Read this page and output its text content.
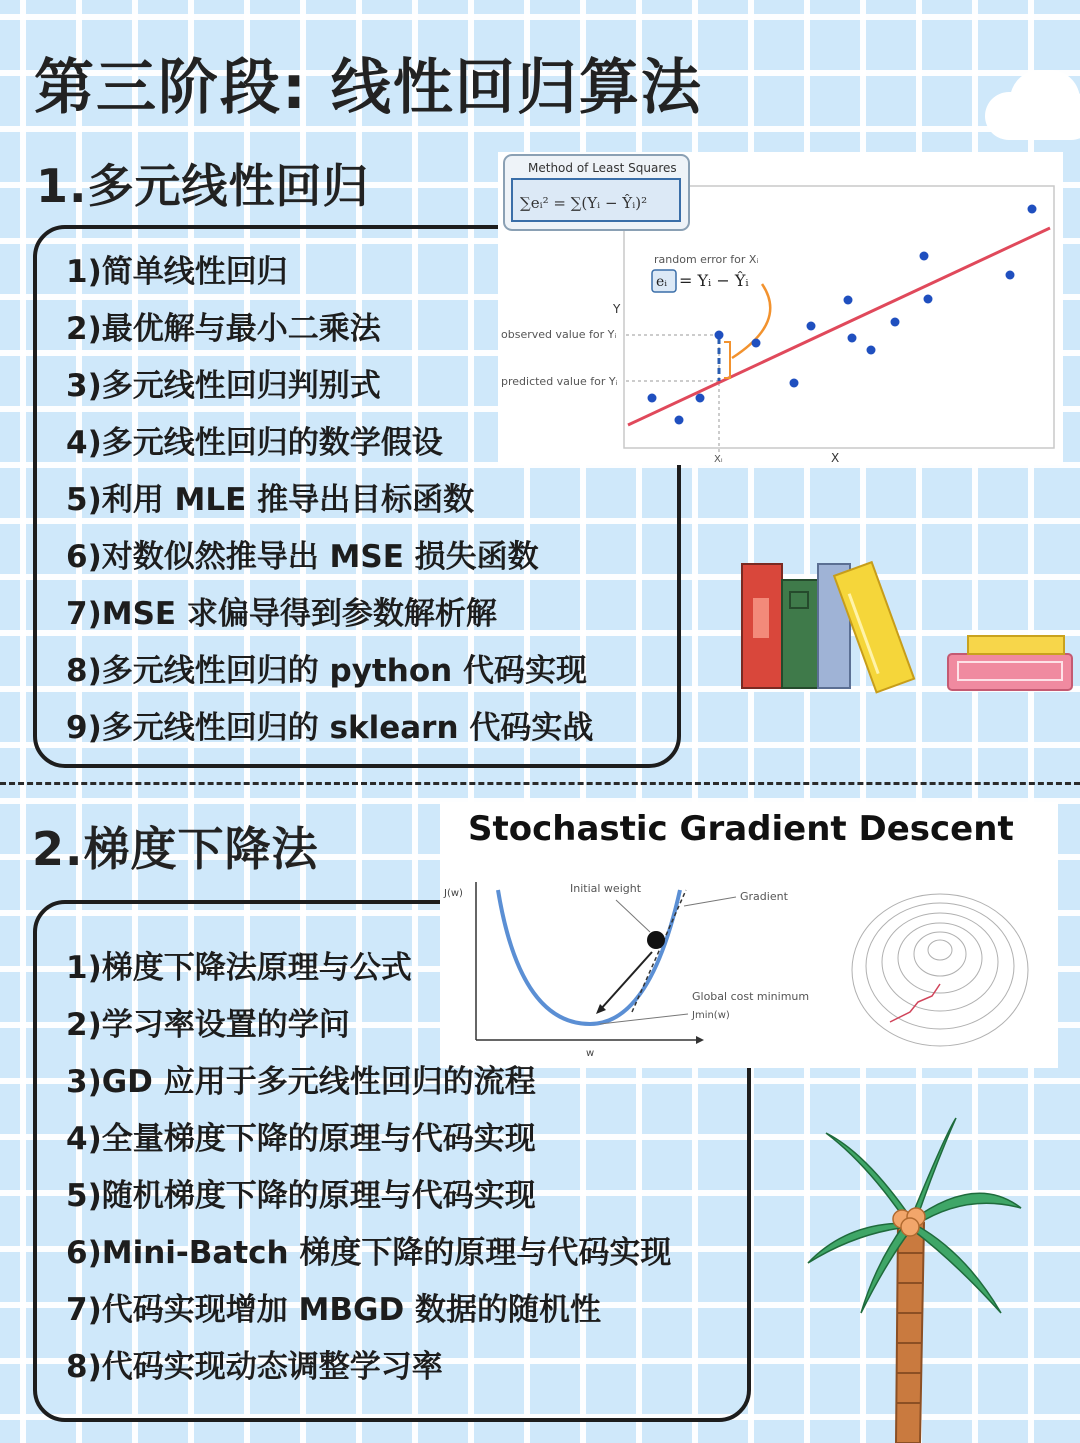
第三阶段: 线性回归算法
1.多元线性回归
1)简单线性回归
2)最优解与最小二乘法
3)多元线性回归判别式
4)多元线性回归的数学假设
5)利用 MLE 推导出目标函数
6)对数似然推导出 MSE 损失函数
7)MSE 求偏导得到参数解析解
8)多元线性回归的 python 代码实现
9)多元线性回归的 sklearn 代码实战
Method of Least Squares
∑eᵢ² = ∑(Yᵢ − Ŷᵢ)²
random error for Xᵢ
eᵢ = Yᵢ − Ŷᵢ
Y
X
Xᵢ
observed value for Yᵢ
predicted value for Yᵢ
2.梯度下降法	Stochastic Gradient Descent
J(w)
w
Initial weight
Gradient
Global cost minimum
Jmin(w)
1)梯度下降法原理与公式
2)学习率设置的学问
3)GD 应用于多元线性回归的流程
4)全量梯度下降的原理与代码实现
5)随机梯度下降的原理与代码实现
6)Mini-Batch 梯度下降的原理与代码实现
7)代码实现增加 MBGD 数据的随机性
8)代码实现动态调整学习率
